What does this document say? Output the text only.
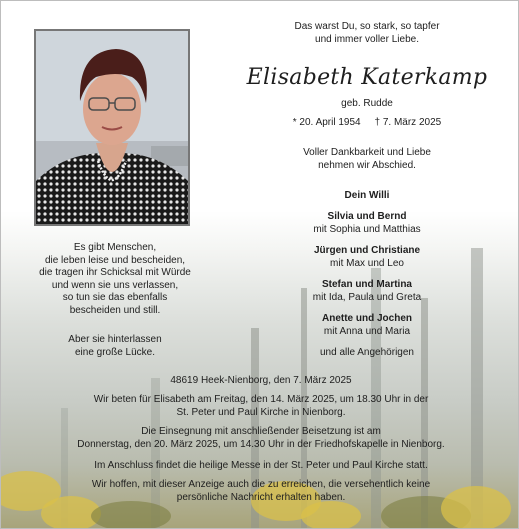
Das warst Du, so stark, so tapfer
und immer voller Liebe.
Elisabeth Katerkamp
geb. Rudde
* 20. April 1954 † 7. März 2025
Voller Dankbarkeit und Liebe
nehmen wir Abschied.
Dein Willi
Silvia und Bernd
mit Sophia und Matthias
Jürgen und Christiane
mit Max und Leo
Stefan und Martina
mit Ida, Paula und Greta
Anette und Jochen
mit Anna und Maria
und alle Angehörigen
Es gibt Menschen,
die leben leise und bescheiden,
die tragen ihr Schicksal mit Würde
und wenn sie uns verlassen,
so tun sie das ebenfalls
bescheiden und still.
Aber sie hinterlassen
eine große Lücke.
48619 Heek-Nienborg, den 7. März 2025
Wir beten für Elisabeth am Freitag, den 14. März 2025, um 18.30 Uhr in der
St. Peter und Paul Kirche in Nienborg.
Die Einsegnung mit anschließender Beisetzung ist am
Donnerstag, den 20. März 2025, um 14.30 Uhr in der Friedhofskapelle in Nienborg.
Im Anschluss findet die heilige Messe in der St. Peter und Paul Kirche statt.
Wir hoffen, mit dieser Anzeige auch die zu erreichen, die versehentlich keine
persönliche Nachricht erhalten haben.
